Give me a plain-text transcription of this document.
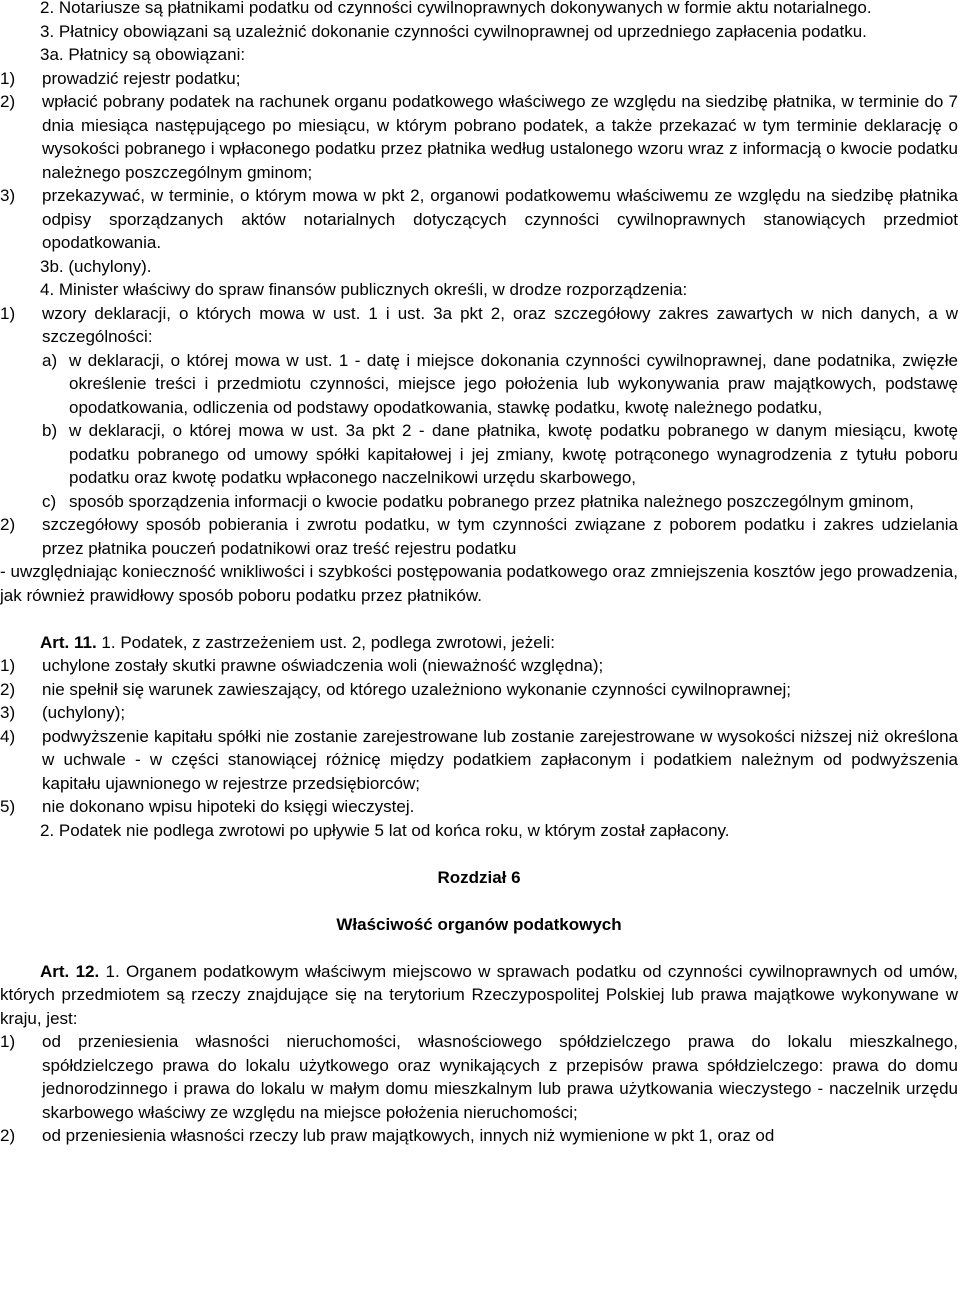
2. Notariusze są płatnikami podatku od czynności cywilnoprawnych dokonywanych w formie aktu notarialnego.

3. Płatnicy obowiązani są uzależnić dokonanie czynności cywilnoprawnej od uprzedniego zapłacenia podatku.

3a. Płatnicy są obowiązani:

1) prowadzić rejestr podatku;
2) wpłacić pobrany podatek na rachunek organu podatkowego właściwego ze względu na siedzibę płatnika, w terminie do 7 dnia miesiąca następującego po miesiącu, w którym pobrano podatek, a także przekazać w tym terminie deklarację o wysokości pobranego i wpłaconego podatku przez płatnika według ustalonego wzoru wraz z informacją o kwocie podatku należnego poszczególnym gminom;
3) przekazywać, w terminie, o którym mowa w pkt 2, organowi podatkowemu właściwemu ze względu na siedzibę płatnika odpisy sporządzanych aktów notarialnych dotyczących czynności cywilnoprawnych stanowiących przedmiot opodatkowania.

3b. (uchylony).

4. Minister właściwy do spraw finansów publicznych określi, w drodze rozporządzenia:

1) wzory deklaracji, o których mowa w ust. 1 i ust. 3a pkt 2, oraz szczegółowy zakres zawartych w nich danych, a w szczególności:
a) w deklaracji, o której mowa w ust. 1 - datę i miejsce dokonania czynności cywilnoprawnej, dane podatnika, zwięzłe określenie treści i przedmiotu czynności, miejsce jego położenia lub wykonywania praw majątkowych, podstawę opodatkowania, odliczenia od podstawy opodatkowania, stawkę podatku, kwotę należnego podatku,
b) w deklaracji, o której mowa w ust. 3a pkt 2 - dane płatnika, kwotę podatku pobranego w danym miesiącu, kwotę podatku pobranego od umowy spółki kapitałowej i jej zmiany, kwotę potrąconego wynagrodzenia z tytułu poboru podatku oraz kwotę podatku wpłaconego naczelnikowi urzędu skarbowego,
c) sposób sporządzenia informacji o kwocie podatku pobranego przez płatnika należnego poszczególnym gminom,
2) szczegółowy sposób pobierania i zwrotu podatku, w tym czynności związane z poborem podatku i zakres udzielania przez płatnika pouczeń podatnikowi oraz treść rejestru podatku

- uwzględniając konieczność wnikliwości i szybkości postępowania podatkowego oraz zmniejszenia kosztów jego prowadzenia, jak również prawidłowy sposób poboru podatku przez płatników.

Art. 11. 1. Podatek, z zastrzeżeniem ust. 2, podlega zwrotowi, jeżeli:

1) uchylone zostały skutki prawne oświadczenia woli (nieważność względna);
2) nie spełnił się warunek zawieszający, od którego uzależniono wykonanie czynności cywilnoprawnej;
3) (uchylony);
4) podwyższenie kapitału spółki nie zostanie zarejestrowane lub zostanie zarejestrowane w wysokości niższej niż określona w uchwale - w części stanowiącej różnicę między podatkiem zapłaconym i podatkiem należnym od podwyższenia kapitału ujawnionego w rejestrze przedsiębiorców;
5) nie dokonano wpisu hipoteki do księgi wieczystej.

2. Podatek nie podlega zwrotowi po upływie 5 lat od końca roku, w którym został zapłacony.

Rozdział 6

Właściwość organów podatkowych

Art. 12. 1. Organem podatkowym właściwym miejscowo w sprawach podatku od czynności cywilnoprawnych od umów, których przedmiotem są rzeczy znajdujące się na terytorium Rzeczypospolitej Polskiej lub prawa majątkowe wykonywane w kraju, jest:

1) od przeniesienia własności nieruchomości, własnościowego spółdzielczego prawa do lokalu mieszkalnego, spółdzielczego prawa do lokalu użytkowego oraz wynikających z przepisów prawa spółdzielczego: prawa do domu jednorodzinnego i prawa do lokalu w małym domu mieszkalnym lub prawa użytkowania wieczystego - naczelnik urzędu skarbowego właściwy ze względu na miejsce położenia nieruchomości;
2) od przeniesienia własności rzeczy lub praw majątkowych, innych niż wymienione w pkt 1, oraz od
